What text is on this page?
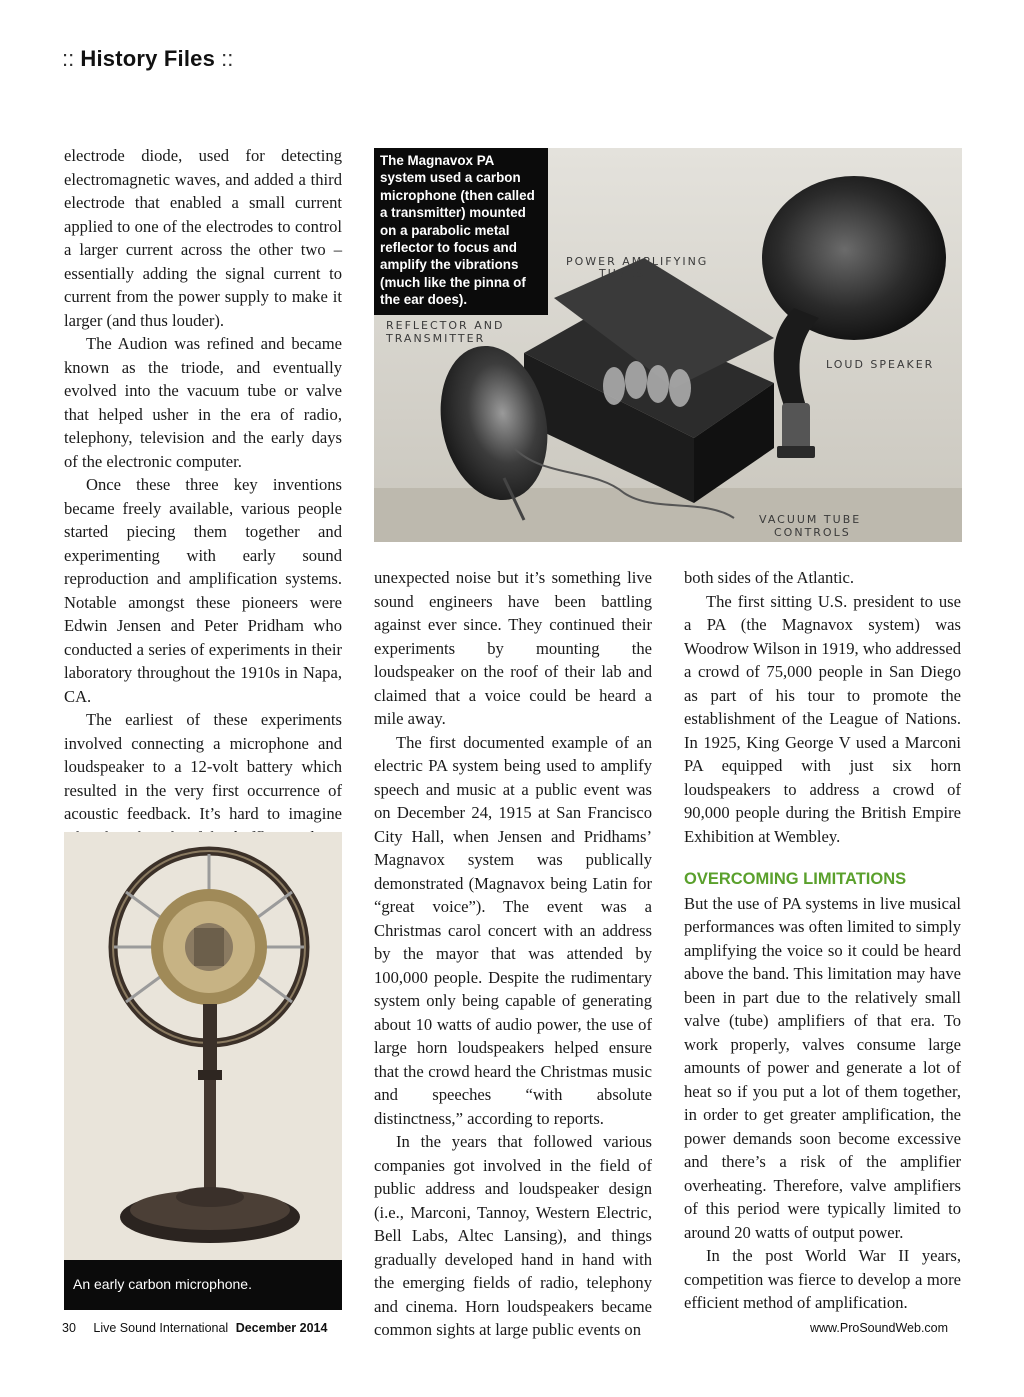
:: History Files ::

electrode diode, used for detecting electromagnetic waves, and added a third electrode that enabled a small current applied to one of the electrodes to control a larger current across the other two – essentially adding the signal current to current from the power supply to make it larger (and thus louder).

The Audion was refined and became known as the triode, and eventually evolved into the vacuum tube or valve that helped usher in the era of radio, telephony, television and the early days of the electronic computer.

Once these three key inventions became freely available, various people started piecing them together and experimenting with early sound reproduction and amplification systems. Notable amongst these pioneers were Edwin Jensen and Peter Pridham who conducted a series of experiments in their laboratory throughout the 1910s in Napa, CA.

The earliest of these experiments involved connecting a microphone and loudspeaker to a 12-volt battery which resulted in the very first occurrence of acoustic feedback. It’s hard to imagine

POWER AMPLIFYING
TUBES
REFLECTOR AND
TRANSMITTER
LOUD SPEAKER
VACUUM TUBE
CONTROLS
The Magnavox PA system used a carbon microphone (then called a transmitter) mounted on a parabolic metal reflector to focus and amplify the vibrations (much like the pinna of the ear does).

unexpected noise but it’s something live sound engineers have been battling against ever since. They continued their experiments by mounting the loudspeaker on the roof of their lab and claimed that a voice could be heard a mile away.

The first documented example of an electric PA system being used to amplify speech and music at a public event was on December 24, 1915 at San Francisco City Hall, when Jensen and Pridhams’ Magnavox system was publically demonstrated (Magnavox being Latin for “great voice”). The event was a Christmas carol concert with an address by the mayor that was attended by 100,000 people. Despite the rudimentary system only being capable of generating about 10 watts of audio power, the use of large horn loudspeakers helped ensure that the crowd heard the Christmas music and speeches “with absolute distinctness,” according to reports.

In the years that followed various companies got involved in the field of public address and loudspeaker design (i.e., Marconi, Tannoy, Western Electric, Bell Labs, Altec Lansing), and things gradually developed hand in hand with the emerging fields of radio, telephony and cinema. Horn loudspeakers became common sights at large public events on

both sides of the Atlantic.

The first sitting U.S. president to use a PA (the Magnavox system) was Woodrow Wilson in 1919, who addressed a crowd of 75,000 people in San Diego as part of his tour to promote the establishment of the League of Nations. In 1925, King George V used a Marconi PA equipped with just six horn loudspeakers to address a crowd of 90,000 people during the British Empire Exhibition at Wembley.

OVERCOMING LIMITATIONS

But the use of PA systems in live musical performances was often limited to simply amplifying the voice so it could be heard above the band. This limitation may have been in part due to the relatively small valve (tube) amplifiers of that era. To work properly, valves consume large amounts of power and generate a lot of heat so if you put a lot of them together, in order to get greater amplification, the power demands soon become excessive and there’s a risk of the amplifier overheating. Therefore, valve amplifiers of this period were typically limited to around 20 watts of output power.

In the post World War II years, competition was fierce to develop a more efficient method of amplification.

An early carbon microphone.
30 Live Sound International December 2014	www.ProSoundWeb.com
